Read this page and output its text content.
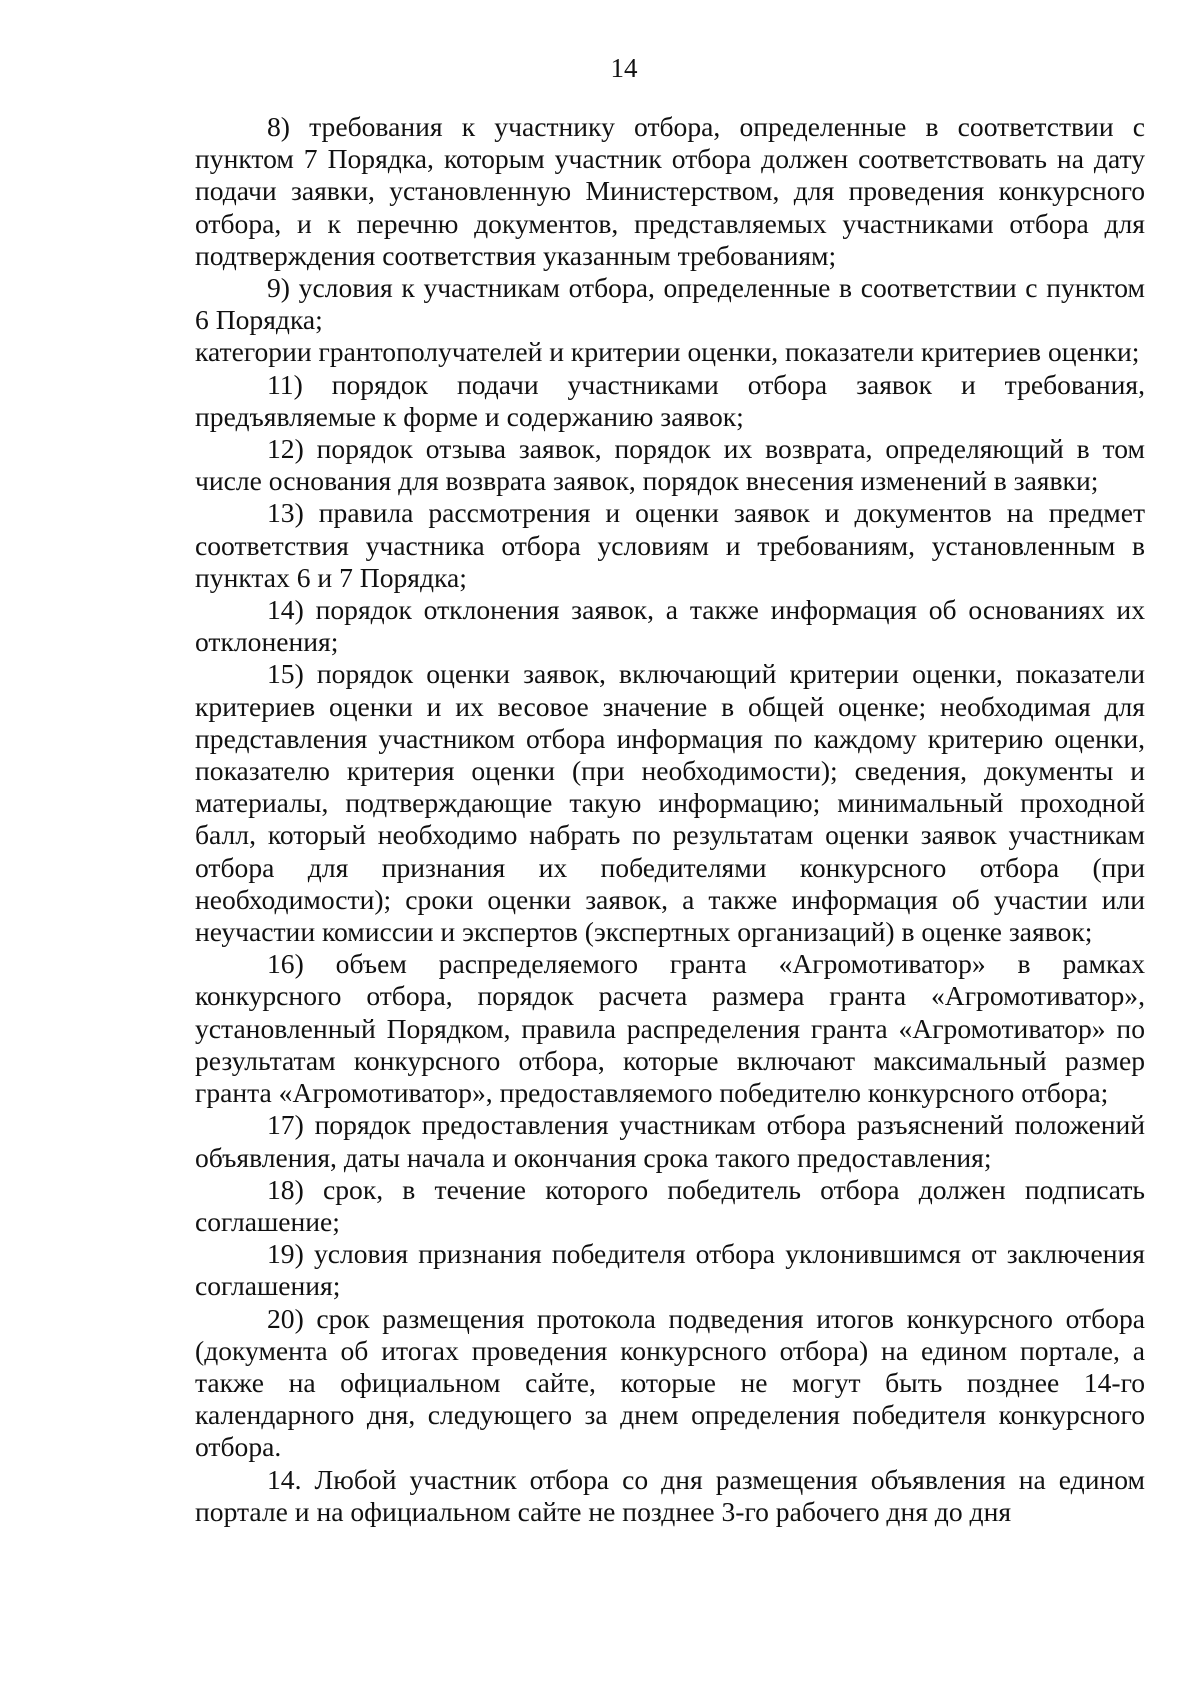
14

8) требования к участнику отбора, определенные в соответствии с пунктом 7 Порядка, которым участник отбора должен соответствовать на дату подачи заявки, установленную Министерством, для проведения конкурсного отбора, и к перечню документов, представляемых участниками отбора для подтверждения соответствия указанным требованиям;

9) условия к участникам отбора, определенные в соответствии с пунктом 6 Порядка;

категории грантополучателей и критерии оценки, показатели критериев оценки;

11) порядок подачи участниками отбора заявок и требования, предъявляемые к форме и содержанию заявок;

12) порядок отзыва заявок, порядок их возврата, определяющий в том числе основания для возврата заявок, порядок внесения изменений в заявки;

13) правила рассмотрения и оценки заявок и документов на предмет соответствия участника отбора условиям и требованиям, установленным в пунктах 6 и 7 Порядка;

14) порядок отклонения заявок, а также информация об основаниях их отклонения;

15) порядок оценки заявок, включающий критерии оценки, показатели критериев оценки и их весовое значение в общей оценке; необходимая для представления участником отбора информация по каждому критерию оценки, показателю критерия оценки (при необходимости); сведения, документы и материалы, подтверждающие такую информацию; минимальный проходной балл, который необходимо набрать по результатам оценки заявок участникам отбора для признания их победителями конкурсного отбора (при необходимости); сроки оценки заявок, а также информация об участии или неучастии комиссии и экспертов (экспертных организаций) в оценке заявок;

16) объем распределяемого гранта «Агромотиватор» в рамках конкурсного отбора, порядок расчета размера гранта «Агромотиватор», установленный Порядком, правила распределения гранта «Агромотиватор» по результатам конкурсного отбора, которые включают максимальный размер гранта «Агромотиватор», предоставляемого победителю конкурсного отбора;

17) порядок предоставления участникам отбора разъяснений положений объявления, даты начала и окончания срока такого предоставления;

18) срок, в течение которого победитель отбора должен подписать соглашение;

19) условия признания победителя отбора уклонившимся от заключения соглашения;

20) срок размещения протокола подведения итогов конкурсного отбора (документа об итогах проведения конкурсного отбора) на едином портале, а также на официальном сайте, которые не могут быть позднее 14-го календарного дня, следующего за днем определения победителя конкурсного отбора.

14. Любой участник отбора со дня размещения объявления на едином портале и на официальном сайте не позднее 3-го рабочего дня до дня
